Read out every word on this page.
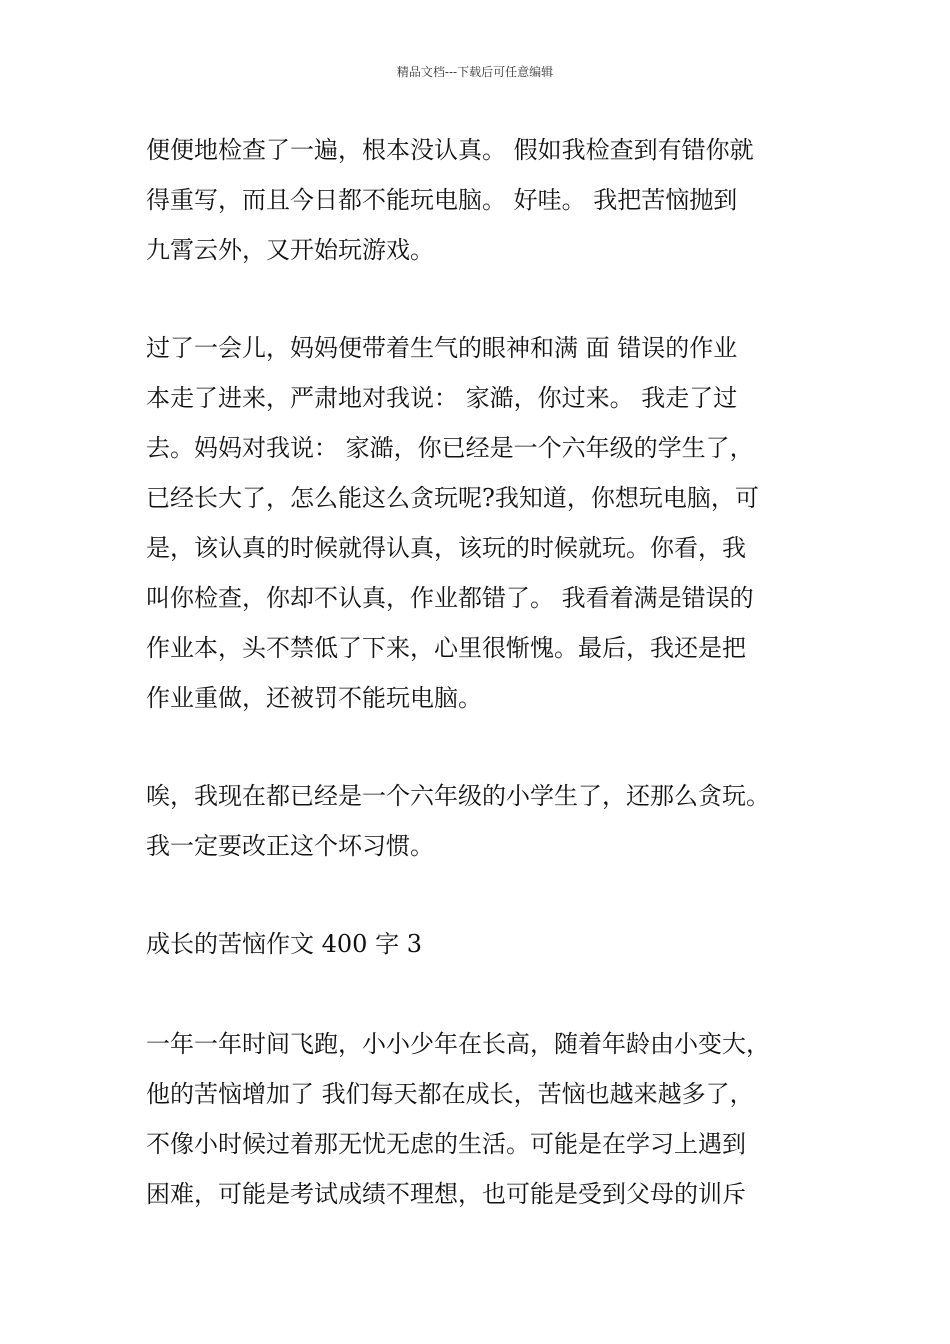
精品文档---下载后可任意编辑
便便地检查了一遍，根本没认真。 假如我检查到有错你就
得重写，而且今日都不能玩电脑。 好哇。 我把苦恼抛到
九霄云外，又开始玩游戏。
过了一会儿，妈妈便带着生气的眼神和满 面 错误的作业
本走了进来，严肃地对我说： 家澔，你过来。 我走了过
去。妈妈对我说： 家澔，你已经是一个六年级的学生了，
已经长大了，怎么能这么贪玩呢?我知道，你想玩电脑，可
是，该认真的时候就得认真，该玩的时候就玩。你看，我
叫你检查，你却不认真，作业都错了。 我看着满是错误的
作业本，头不禁低了下来，心里很惭愧。最后，我还是把
作业重做，还被罚不能玩电脑。
唉，我现在都已经是一个六年级的小学生了，还那么贪玩。
我一定要改正这个坏习惯。
成长的苦恼作文 400 字 3
一年一年时间飞跑，小小少年在长高，随着年龄由小变大，
他的苦恼增加了 我们每天都在成长，苦恼也越来越多了，
不像小时候过着那无忧无虑的生活。可能是在学习上遇到
困难，可能是考试成绩不理想，也可能是受到父母的训斥
